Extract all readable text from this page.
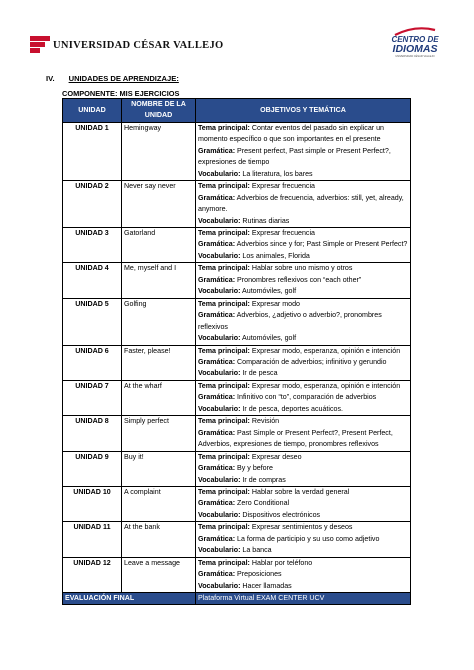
UNIVERSIDAD CÉSAR VALLEJO	CENTRO DE
IDIOMAS
UNIVERSIDAD CÉSAR VALLEJO
IV. UNIDADES DE APRENDIZAJE:
COMPONENTE: MIS EJERCICIOS
UNIDAD	NOMBRE DE LA UNIDAD	OBJETIVOS Y TEMÁTICA
UNIDAD 1	Hemingway	Tema principal: Contar eventos del pasado sin explicar un momento específico o que son importantes en el presente
Gramática: Present perfect, Past simple or Present Perfect?, expresiones de tiempo
Vocabulario: La literatura, los bares

UNIDAD 2	Never say never	Tema principal: Expresar frecuencia
Gramática: Adverbios de frecuencia, adverbios: still, yet, already, anymore.
Vocabulario: Rutinas diarias

UNIDAD 3	Gatorland	Tema principal: Expresar frecuencia
Gramática: Adverbios since y for; Past Simple or Present Perfect?
Vocabulario: Los animales, Florida

UNIDAD 4	Me, myself and I	Tema principal: Hablar sobre uno mismo y otros
Gramática: Pronombres reflexivos con “each other”
Vocabulario: Automóviles, golf

UNIDAD 5	Golfing	Tema principal: Expresar modo
Gramática: Adverbios, ¿adjetivo o adverbio?, pronombres reflexivos
Vocabulario: Automóviles, golf

UNIDAD 6	Faster, please!	Tema principal: Expresar modo, esperanza, opinión e intención
Gramática: Comparación de adverbios; infinitivo y gerundio
Vocabulario: Ir de pesca

UNIDAD 7	At the wharf	Tema principal: Expresar modo, esperanza, opinión e intención
Gramática: Infinitivo con “to”, comparación de adverbios
Vocabulario: Ir de pesca, deportes acuáticos.

UNIDAD 8	Simply perfect	Tema principal: Revisión
Gramática: Past Simple or Present Perfect?, Present Perfect, Adverbios, expresiones de tiempo, pronombres reflexivos

UNIDAD 9	Buy it!	Tema principal: Expresar deseo
Gramática: By y before
Vocabulario: Ir de compras

UNIDAD 10	A complaint	Tema principal: Hablar sobre la verdad general
Gramática: Zero Conditional
Vocabulario: Dispositivos electrónicos

UNIDAD 11	At the bank	Tema principal: Expresar sentimientos y deseos
Gramática: La forma de participio y su uso como adjetivo
Vocabulario: La banca

UNIDAD 12	Leave a message	Tema principal: Hablar por teléfono
Gramática: Preposiciones
Vocabulario: Hacer llamadas

EVALUACIÓN FINAL		Plataforma Virtual EXAM CENTER UCV
